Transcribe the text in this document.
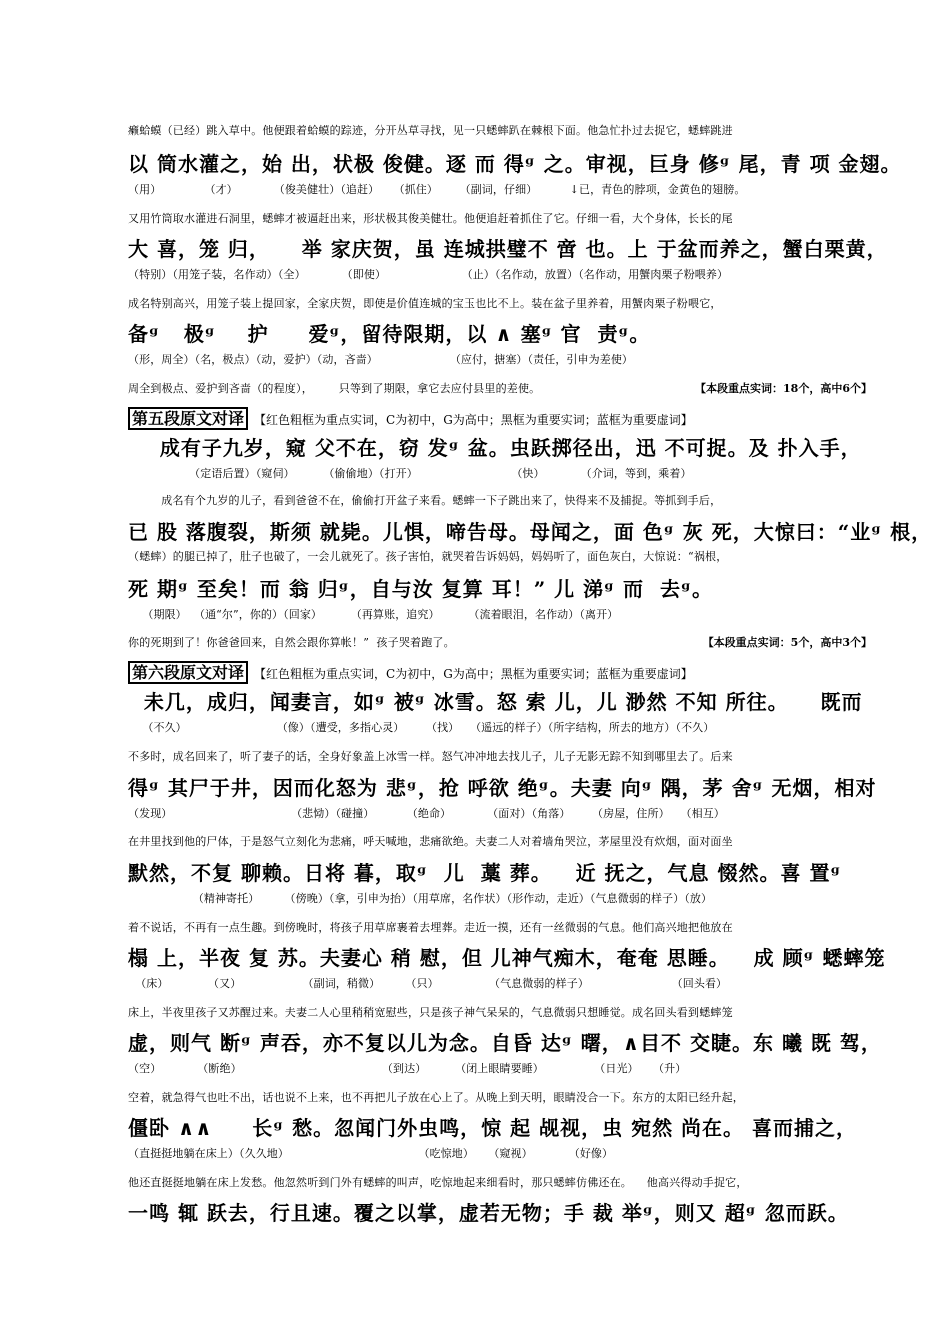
癞蛤蟆（已经）跳入草中。他便跟着蛤蟆的踪迹，分开丛草寻找，见一只蟋蟀趴在棘根下面。他急忙扑过去捉它，蟋蟀跳进
以 筒水灌之，始 出，状极 俊健。逐 而 得ᶢ 之。审视，巨身 修ᶢ 尾，青 项 金翅。
（用）            （才）          （俊美健壮）（追赶）    （抓住）      （副词，仔细）         ↓已，青色的脖项，金黄色的翅膀。
又用竹筒取水灌进石洞里，蟋蟀才被逼赶出来，形状极其俊美健壮。他便追赶着抓住了它。仔细一看，大个身体，长长的尾
大 喜，笼 归，    举 家庆贺，虽 连城拱璧不 啻 也。上 于盆而养之，蟹白栗黄，
（特别）（用笼子装，名作动）（全）          （即使）                     （止）（名作动，放置）（名作动，用蟹肉栗子粉喂养）
成名特别高兴，用笼子装上提回家，全家庆贺，即使是价值连城的宝玉也比不上。装在盆子里养着，用蟹肉栗子粉喂它，
备ᶢ   极ᶢ    护     爱ᶢ，留待限期，以 ∧ 塞ᶢ 官  责ᶢ。
（形，周全）（名，极点）（动，爱护）（动，吝啬）                    （应付，搪塞）（责任，引申为差使）
周全到极点、爱护到吝啬（的程度），       只等到了期限，拿它去应付县里的差使。
成有子九岁，窥 父不在，窃 发ᶢ 盆。虫跃掷径出，迅 不可捉。及 扑入手，
（定语后置）（窥伺）        （偷偷地）（打开）                          （快）          （介词，等到，乘着）
成名有个九岁的儿子，看到爸爸不在，偷偷打开盆子来看。蟋蟀一下子跳出来了，快得来不及捕捉。等抓到手后，
已 股 落腹裂，斯须 就毙。儿惧，啼告母。母闻之，面 色ᶢ 灰 死，大惊曰：“业ᶢ 根，
（蟋蟀）的腿已掉了，肚子也破了，一会儿就死了。孩子害怕，就哭着告诉妈妈，妈妈听了，面色灰白，大惊说：“祸根，
死 期ᶢ 至矣！而 翁 归ᶢ，自与汝 复算 耳！” 儿 涕ᶢ 而  去ᶢ。
（期限）  （通“尔”，你的）（回家）        （再算账，追究）        （流着眼泪，名作动）（离开）
你的死期到了！你爸爸回来，自然会跟你算帐！”  孩子哭着跑了。
未几，成归，闻妻言，如ᶢ 被ᶢ 冰雪。怒 索 儿，儿 渺然 不知 所往。    既而
（不久）                         （像）（遭受，多指心灵）      （找）   （遥远的样子）（所字结构，所去的地方）（不久）
不多时，成名回来了，听了妻子的话，全身好象盖上冰雪一样。怒气冲冲地去找儿子，儿子无影无踪不知到哪里去了。后来
得ᶢ 其尸于井，因而化怒为 悲ᶢ，抢 呼欲 绝ᶢ。夫妻 向ᶢ 隅，茅 舍ᶢ 无烟，相对
（发现）                                 （悲恸）（碰撞）         （绝命）          （面对）（角落）      （房屋，住所）   （相互）
在井里找到他的尸体，于是怒气立刻化为悲痛，呼天喊地，悲痛欲绝。夫妻二人对着墙角哭泣，茅屋里没有炊烟，面对面坐
默然，不复 聊赖。日将 暮，取ᶢ  儿  藁 葬。   近 抚之，气息 惙然。喜 置ᶢ
（精神寄托）       （傍晚）（拿，引申为抬）（用草席，名作状）（形作动，走近）（气息微弱的样子）（放）
着不说话，不再有一点生趣。到傍晚时，将孩子用草席裹着去埋葬。走近一摸，还有一丝微弱的气息。他们高兴地把他放在
榻 上，半夜 复 苏。夫妻心 稍 慰，但 儿神气痴木，奄奄 思睡。   成 顾ᶢ 蟋蟀笼
（床）           （又）                 （副词，稍微）       （只）              （气息微弱的样子）                       （回头看）
床上，半夜里孩子又苏醒过来。夫妻二人心里稍稍宽慰些，只是孩子神气呆呆的，气息微弱只想睡觉。成名回头看到蟋蟀笼
虚，则气 断ᶢ 声吞，亦不复以儿为念。自昏 达ᶢ 曙，∧目不 交睫。东 曦 既 驾，
（空）          （断绝）                                       （到达）        （闭上眼睛要睡）              （日光）    （升）
空着，就急得气也吐不出，话也说不上来，也不再把儿子放在心上了。从晚上到天明，眼睛没合一下。东方的太阳已经升起，
僵卧 ∧∧     长ᶢ 愁。忽闻门外虫鸣，惊 起 觇视，虫 宛然 尚在。 喜而捕之，
（直挺挺地躺在床上）（久久地）                                    （吃惊地）    （窥视）          （好像）
他还直挺挺地躺在床上发愁。他忽然听到门外有蟋蟀的叫声，吃惊地起来细看时，那只蟋蟀仿佛还在。    他高兴得动手捉它，
一鸣 辄 跃去，行且速。覆之以掌，虚若无物；手 裁 举ᶢ，则又 超ᶢ 忽而跃。
第五段原文对译 【红色粗框为重点实词，C为初中，G为高中；黑框为重要实词；蓝框为重要虚词】
第六段原文对译 【红色粗框为重点实词，C为初中，G为高中；黑框为重要实词；蓝框为重要虚词】
【本段重点实词：18个，高中6个】
【本段重点实词：5个，高中3个】
